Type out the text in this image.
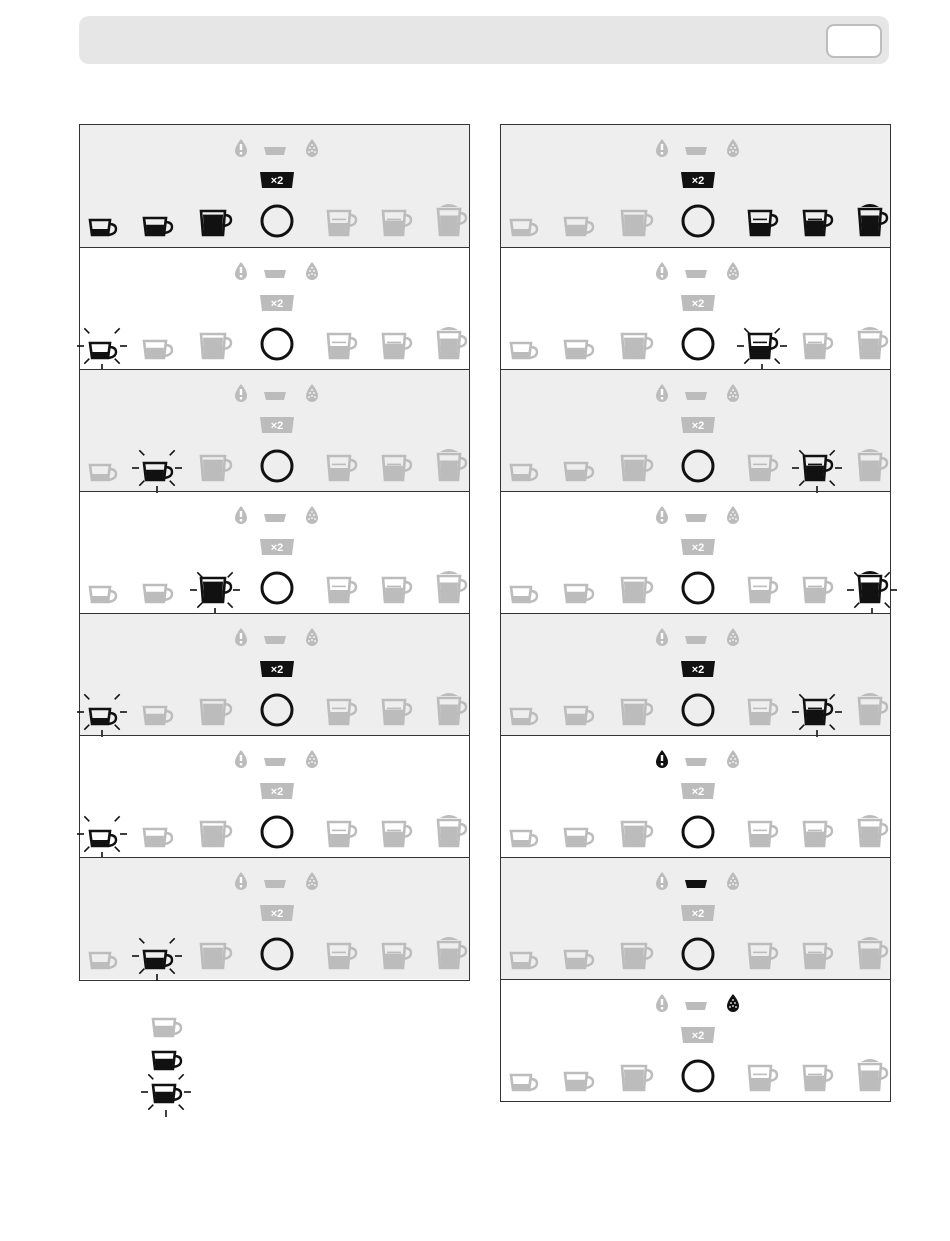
×2
×2
×2
×2
×2
×2
×2
×2
×2
×2
×2
×2
×2
×2
×2
